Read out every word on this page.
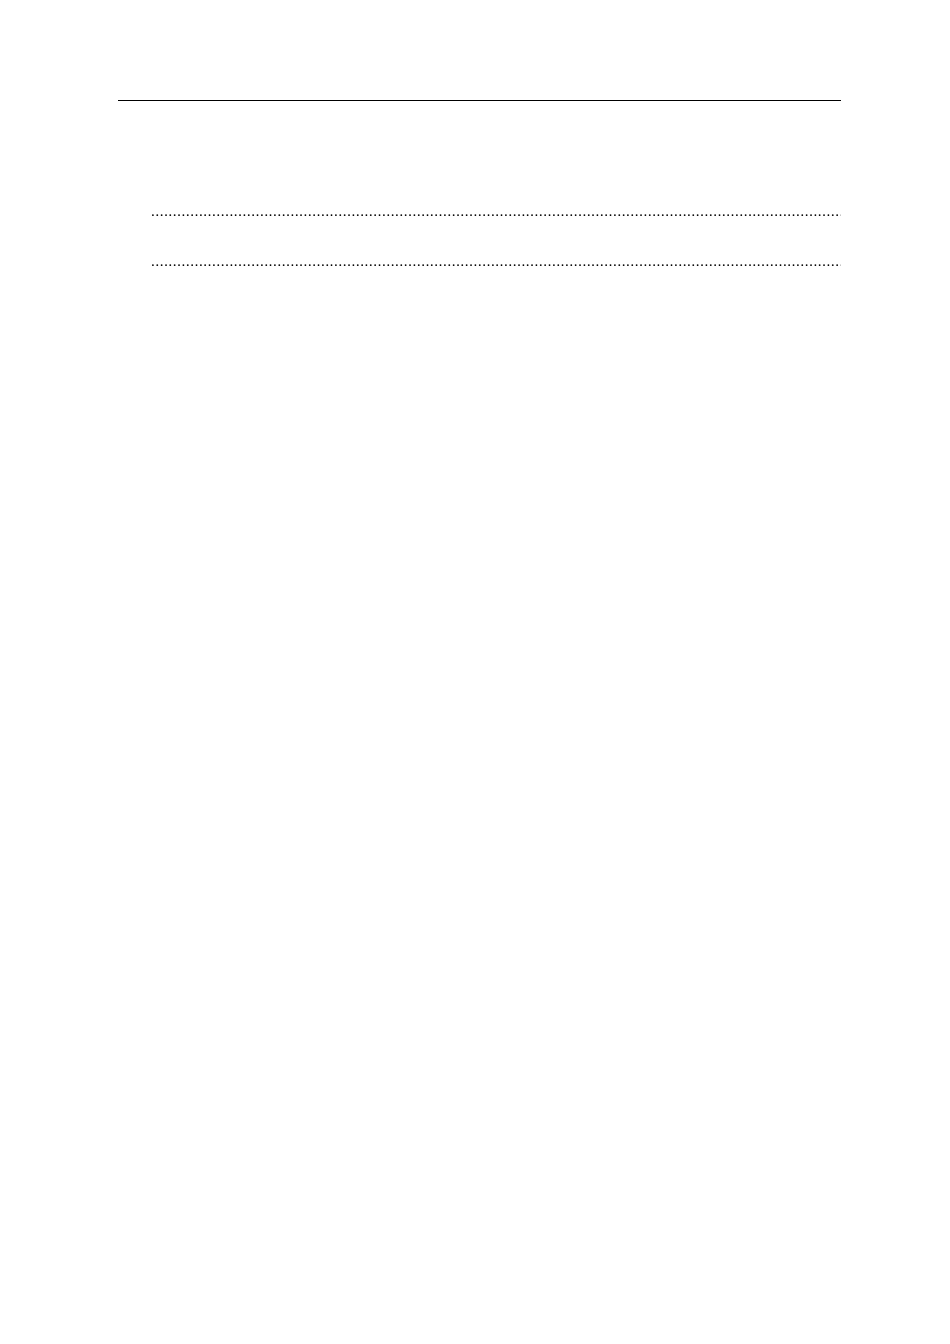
. . .
. . .
